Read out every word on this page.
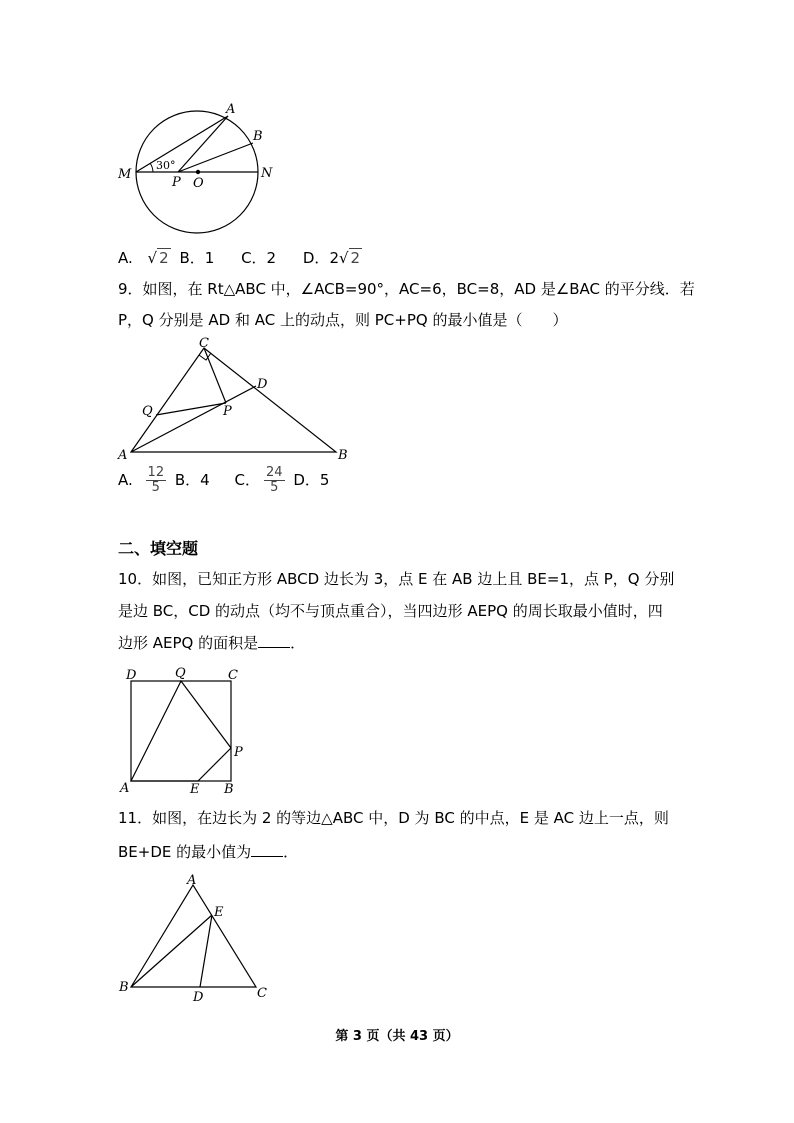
A
B
M	N
P O
30°
A. √ 2 B．1 C．2 D．2√ 2
9．如图，在 Rt△ABC 中，∠ACB=90°，AC=6，BC=8，AD 是∠BAC 的平分线．若
P，Q 分别是 AD 和 AC 上的动点，则 PC+PQ 的最小值是（　　）
C
D
Q	P
A	B
A. $\frac{12}{5}$ B．4 C． $\frac{24}{5}$ D．5
二、填空题
10．如图，已知正方形 ABCD 边长为 3，点 E 在 AB 边上且 BE=1，点 P，Q 分别
是边 BC，CD 的动点（均不与顶点重合），当四边形 AEPQ 的周长取最小值时，四
边形 AEPQ 的面积是 ．
D	Q	C
P
A	E B
11．如图，在边长为 2 的等边△ABC 中，D 为 BC 的中点，E 是 AC 边上一点，则
BE+DE 的最小值为 ．
A
E
B
D	C
第 3 页（共 43 页）
